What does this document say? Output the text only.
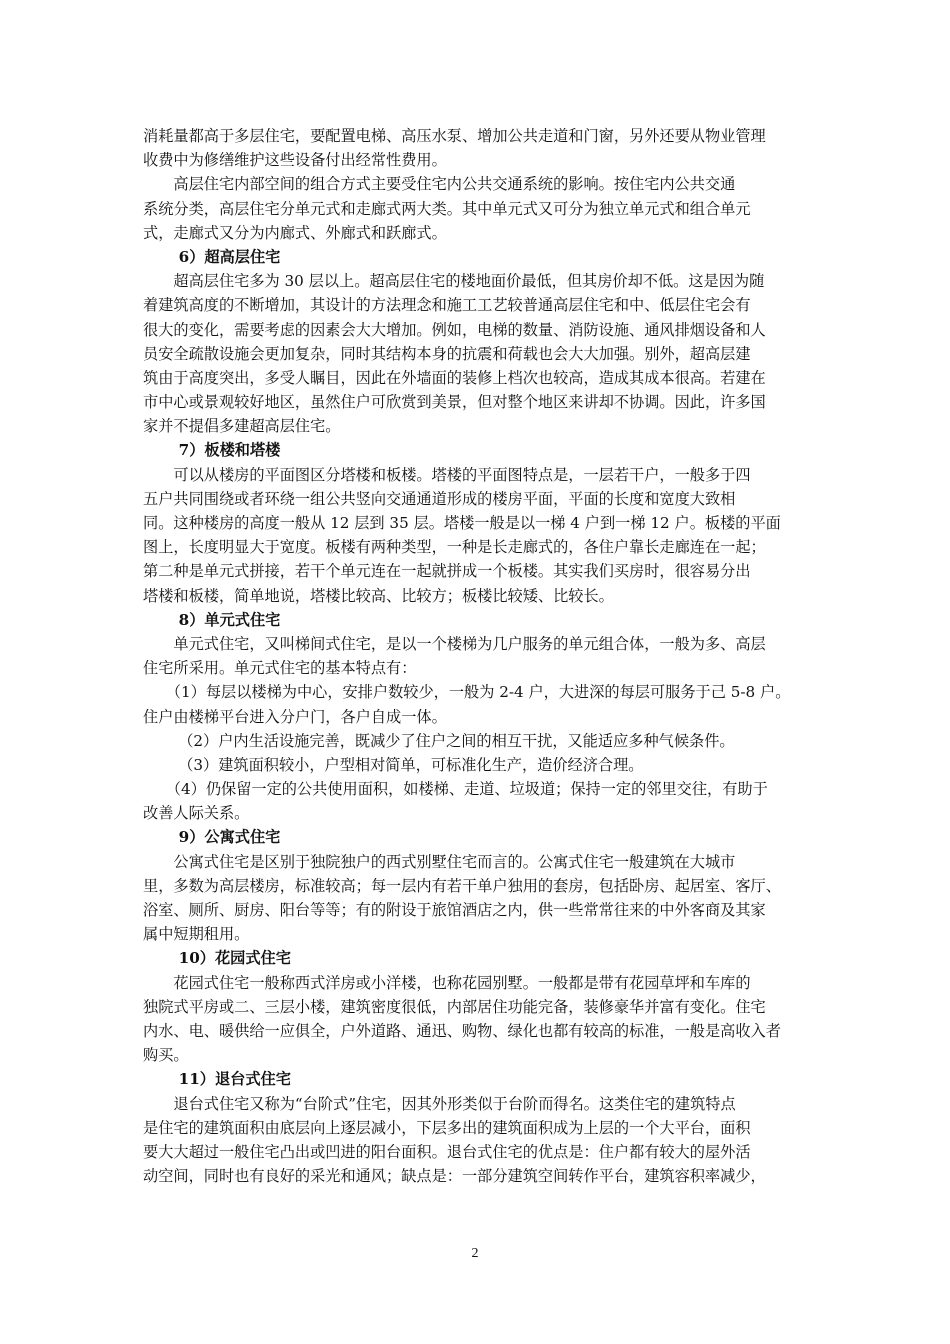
消耗量都高于多层住宅，要配置电梯、高压水泵、增加公共走道和门窗，另外还要从物业管理
收费中为修缮维护这些设备付出经常性费用。
　　高层住宅内部空间的组合方式主要受住宅内公共交通系统的影响。按住宅内公共交通
系统分类，高层住宅分单元式和走廊式两大类。其中单元式又可分为独立单元式和组合单元
式，走廊式又分为内廊式、外廊式和跃廊式。
　　 6）超高层住宅
　　超高层住宅多为 30 层以上。超高层住宅的楼地面价最低，但其房价却不低。这是因为随
着建筑高度的不断增加，其设计的方法理念和施工工艺较普通高层住宅和中、低层住宅会有
很大的变化，需要考虑的因素会大大增加。例如，电梯的数量、消防设施、通风排烟设备和人
员安全疏散设施会更加复杂，同时其结构本身的抗震和荷载也会大大加强。别外，超高层建
筑由于高度突出，多受人瞩目，因此在外墙面的装修上档次也较高，造成其成本很高。若建在
市中心或景观较好地区，虽然住户可欣赏到美景，但对整个地区来讲却不协调。因此，许多国
家并不提倡多建超高层住宅。
　　 7）板楼和塔楼
　　可以从楼房的平面图区分塔楼和板楼。塔楼的平面图特点是，一层若干户，一般多于四
五户共同围绕或者环绕一组公共竖向交通通道形成的楼房平面，平面的长度和宽度大致相
同。这种楼房的高度一般从 12 层到 35 层。塔楼一般是以一梯 4 户到一梯 12 户。板楼的平面
图上，长度明显大于宽度。板楼有两种类型，一种是长走廊式的，各住户靠长走廊连在一起；
第二种是单元式拼接，若干个单元连在一起就拼成一个板楼。其实我们买房时，很容易分出
塔楼和板楼，简单地说，塔楼比较高、比较方；板楼比较矮、比较长。
　　 8）单元式住宅
　　单元式住宅，又叫梯间式住宅，是以一个楼梯为几户服务的单元组合体，一般为多、高层
住宅所采用。单元式住宅的基本特点有：
　　（1）每层以楼梯为中心，安排户数较少，一般为 2-4 户，大进深的每层可服务于己 5-8 户。
住户由楼梯平台进入分户门，各户自成一体。
　　 （2）户内生活设施完善，既减少了住户之间的相互干扰，又能适应多种气候条件。
　　 （3）建筑面积较小，户型相对简单，可标准化生产，造价经济合理。
　　（4）仍保留一定的公共使用面积，如楼梯、走道、垃圾道；保持一定的邻里交往，有助于
改善人际关系。
　　 9）公寓式住宅
　　公寓式住宅是区别于独院独户的西式别墅住宅而言的。公寓式住宅一般建筑在大城市
里，多数为高层楼房，标准较高；每一层内有若干单户独用的套房，包括卧房、起居室、客厅、
浴室、厕所、厨房、阳台等等；有的附设于旅馆酒店之内，供一些常常往来的中外客商及其家
属中短期租用。
　　 10）花园式住宅
　　花园式住宅一般称西式洋房或小洋楼，也称花园别墅。一般都是带有花园草坪和车库的
独院式平房或二、三层小楼，建筑密度很低，内部居住功能完备，装修豪华并富有变化。住宅
内水、电、暖供给一应俱全，户外道路、通迅、购物、绿化也都有较高的标准，一般是高收入者
购买。
　　 11）退台式住宅
　　退台式住宅又称为“台阶式”住宅，因其外形类似于台阶而得名。这类住宅的建筑特点
是住宅的建筑面积由底层向上逐层减小，下层多出的建筑面积成为上层的一个大平台，面积
要大大超过一般住宅凸出或凹进的阳台面积。退台式住宅的优点是：住户都有较大的屋外活
动空间，同时也有良好的采光和通风；缺点是：一部分建筑空间转作平台，建筑容积率减少，
2
